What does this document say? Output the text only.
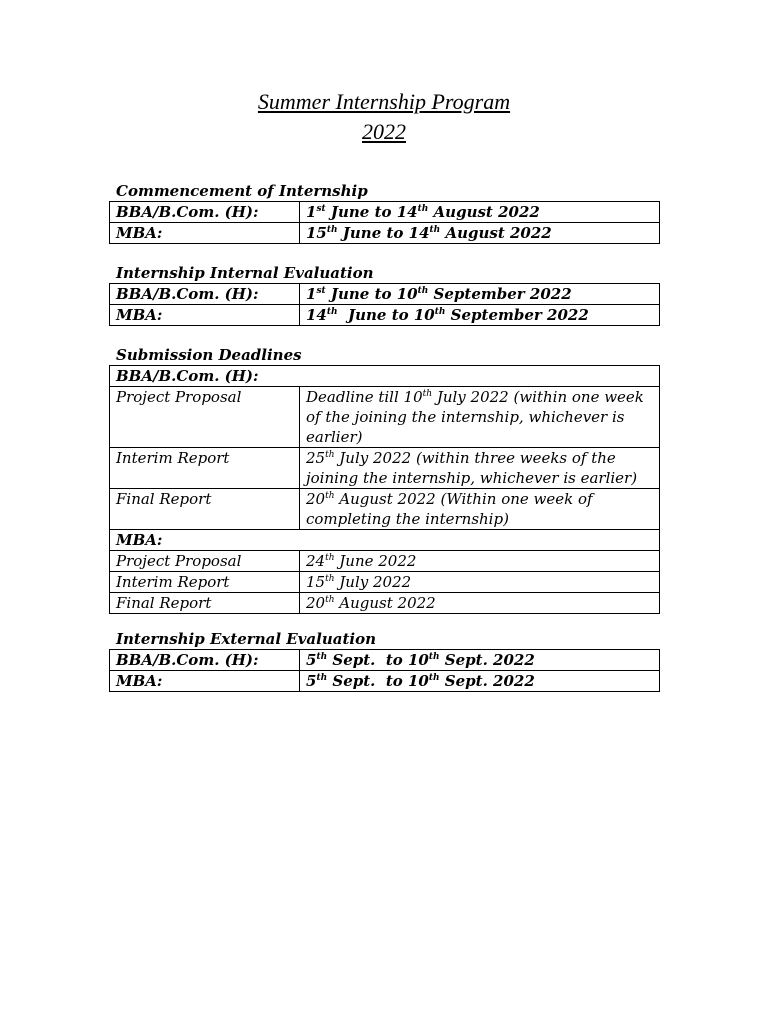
Summer Internship Program
2022
Commencement of Internship
BBA/B.Com. (H):	1st June to 14th August 2022
MBA:	15th June to 14th August 2022
Internship Internal Evaluation
BBA/B.Com. (H):	1st June to 10th September 2022
MBA:	14th  June to 10th September 2022
Submission Deadlines
BBA/B.Com. (H):	
Project Proposal	Deadline till 10th July 2022 (within one week of the joining the internship, whichever is earlier)
Interim Report	25th July 2022 (within three weeks of the joining the internship, whichever is earlier)
Final Report	20th August 2022 (Within one week of completing the internship)
MBA:	
Project Proposal	24th June 2022
Interim Report	15th July 2022
Final Report	20th August 2022
Internship External Evaluation
BBA/B.Com. (H):	5th Sept.  to 10th Sept. 2022
MBA:	5th Sept.  to 10th Sept. 2022
